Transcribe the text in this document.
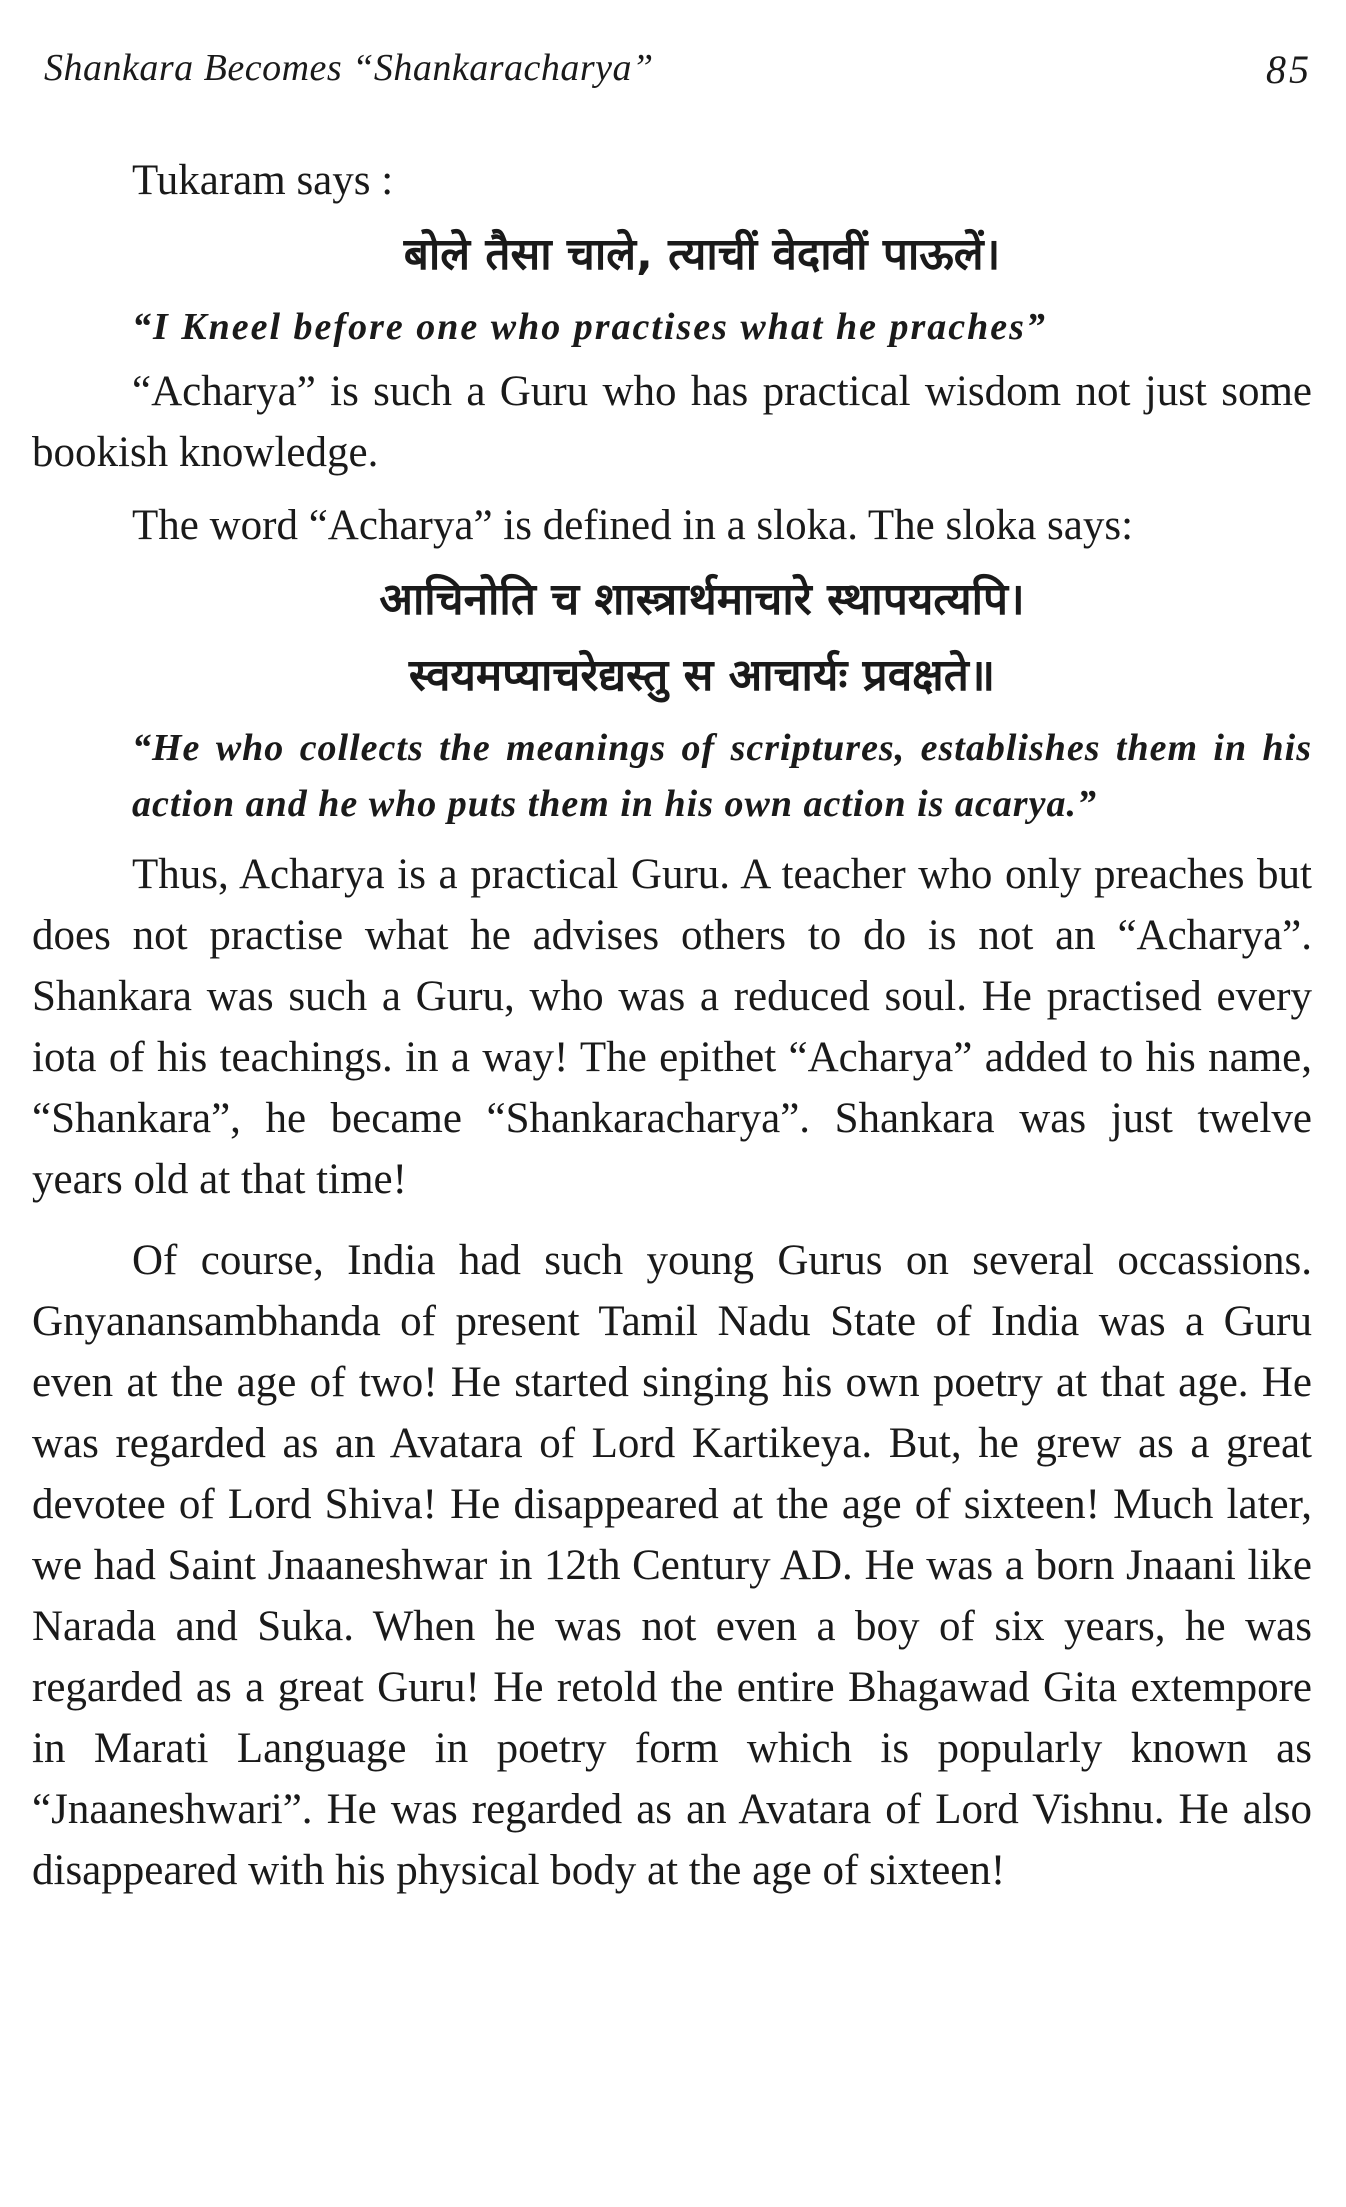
Shankara Becomes “Shankaracharya”	85

Tukaram says :

बोले तैसा चाले, त्याचीं वेदावीं पाऊलें।

“I Kneel before one who practises what he praches”

“Acharya” is such a Guru who has practical wisdom not just some bookish knowledge.

The word “Acharya” is defined in a sloka. The sloka says:

आचिनोति च शास्त्रार्थमाचारे स्थापयत्यपि।

स्वयमप्याचरेद्यस्तु स आचार्यः प्रवक्षते॥

“He who collects the meanings of scriptures, establishes them in his action and he who puts them in his own action is acarya.”

Thus, Acharya is a practical Guru. A teacher who only preaches but does not practise what he advises others to do is not an “Acharya”. Shankara was such a Guru, who was a reduced soul. He practised every iota of his teachings. in a way! The epithet “Acharya” added to his name, “Shankara”, he became “Shankaracharya”. Shankara was just twelve years old at that time!

Of course, India had such young Gurus on several occassions. Gnyanansambhanda of present Tamil Nadu State of India was a Guru even at the age of two! He started singing his own poetry at that age. He was regarded as an Avatara of Lord Kartikeya. But, he grew as a great devotee of Lord Shiva! He disappeared at the age of sixteen! Much later, we had Saint Jnaaneshwar in 12th Century AD. He was a born Jnaani like Narada and Suka. When he was not even a boy of six years, he was regarded as a great Guru! He retold the entire Bhagawad Gita extempore in Marati Language in poetry form which is popularly known as “Jnaaneshwari”. He was regarded as an Avatara of Lord Vishnu. He also disappeared with his physical body at the age of sixteen!
